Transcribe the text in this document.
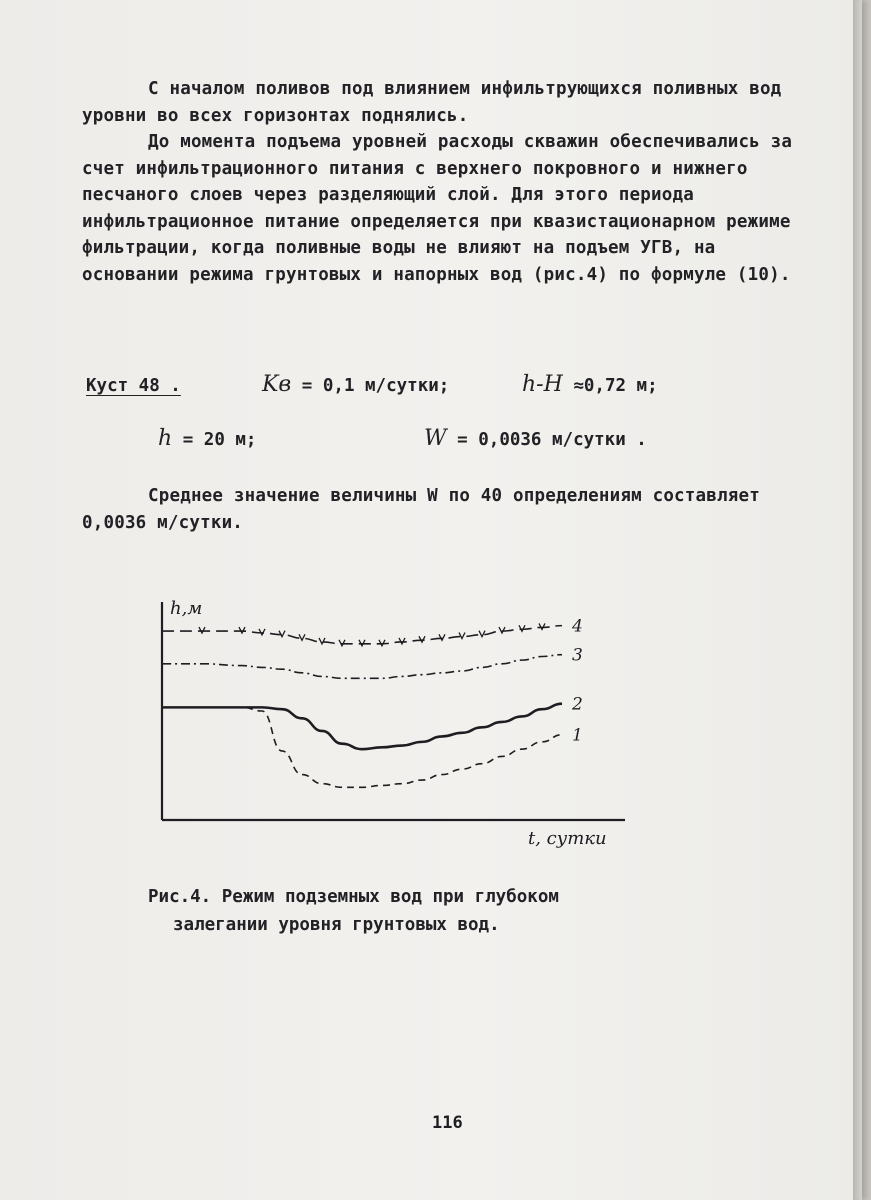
С началом поливов под влиянием инфильтрующихся поливных вод уровни во всех горизонтах поднялись.

До момента подъема уровней расходы скважин обеспечивались за счет инфильтрационного питания с верхнего покровного и нижнего песчаного слоев через разделяющий слой. Для этого периода инфильтрационное питание определяется при квазистационарном режиме фильтрации, когда поливные воды не влияют на подъем УГВ, на основании режима грунтовых и напорных вод (рис.4) по формуле (10).

Куст 48 .	Kв = 0,1 м/сутки;	h-H ≈0,72 м;
h = 20 м;	W = 0,0036 м/сутки .

Среднее значение величины W по 40 определениям составляет 0,0036 м/сутки.

h,м
t, сутки
1
2
3
4
Рис.4. Режим подземных вод при глубоком
залегании уровня грунтовых вод.
116
